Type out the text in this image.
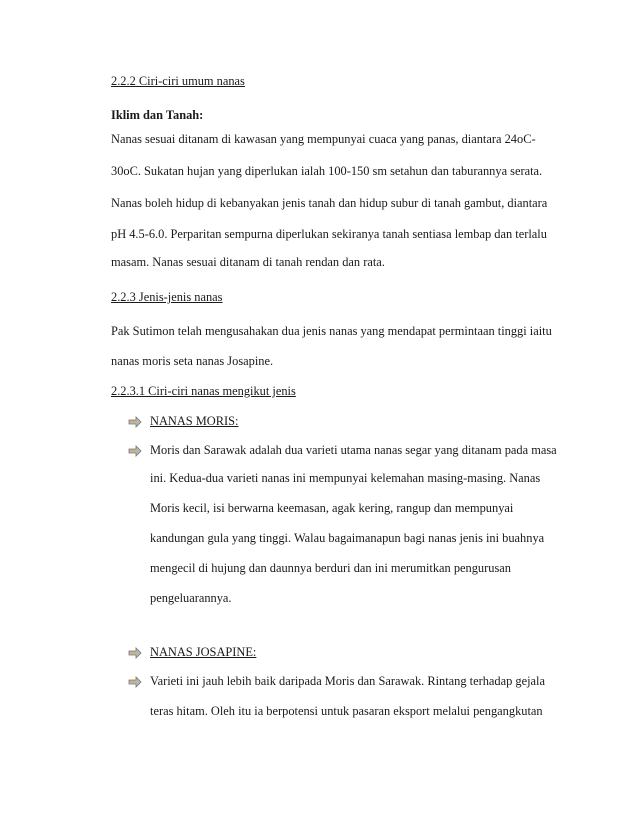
2.2.2 Ciri-ciri umum nanas

Iklim dan Tanah:

Nanas sesuai ditanam di kawasan yang mempunyai cuaca yang panas, diantara 24oC-

30oC. Sukatan hujan yang diperlukan ialah 100-150 sm setahun dan taburannya serata.

Nanas boleh hidup di kebanyakan jenis tanah dan hidup subur di tanah gambut, diantara

pH 4.5-6.0. Perparitan sempurna diperlukan sekiranya tanah sentiasa lembap dan terlalu

masam. Nanas sesuai ditanam di tanah rendan dan rata.

2.2.3 Jenis-jenis nanas

Pak Sutimon telah mengusahakan dua jenis nanas yang mendapat permintaan tinggi iaitu

nanas moris seta nanas Josapine.

2.2.3.1 Ciri-ciri nanas mengikut jenis

NANAS MORIS:

Moris dan Sarawak adalah dua varieti utama nanas segar yang ditanam pada masa

ini. Kedua-dua varieti nanas ini mempunyai kelemahan masing-masing. Nanas

Moris kecil, isi berwarna keemasan, agak kering, rangup dan mempunyai

kandungan gula yang tinggi. Walau bagaimanapun bagi nanas jenis ini buahnya

mengecil di hujung dan daunnya berduri dan ini merumitkan pengurusan

pengeluarannya.

NANAS JOSAPINE:

Varieti ini jauh lebih baik daripada Moris dan Sarawak. Rintang terhadap gejala

teras hitam. Oleh itu ia berpotensi untuk pasaran eksport melalui pengangkutan
